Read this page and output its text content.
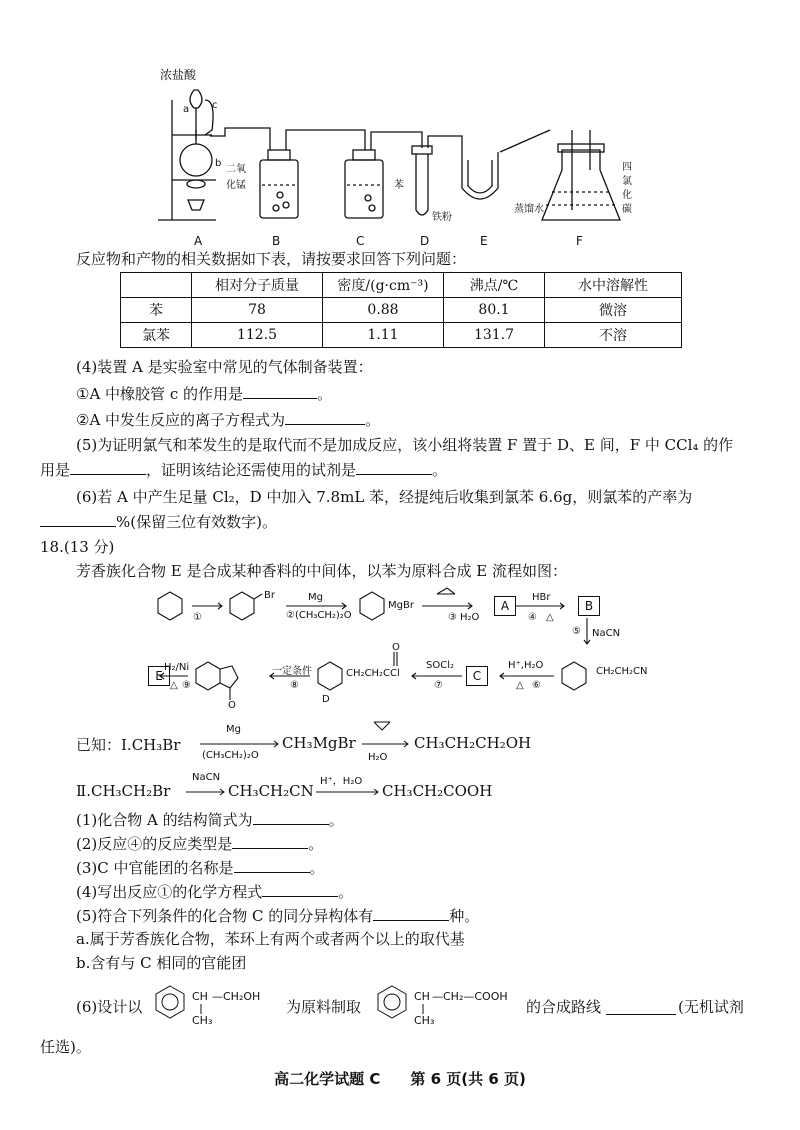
浓盐酸
a c
b
二氧
化锰	苯
铁粉
蒸馏水
四
氯
化
碳
A	B	C	D	E	F
反应物和产物的相关数据如下表，请按要求回答下列问题：
	相对分子质量	密度/(g·cm⁻³)	沸点/℃	水中溶解性
苯	78	0.88	80.1	微溶
氯苯	112.5	1.11	131.7	不溶
(4)装置 A 是实验室中常见的气体制备装置：
①A 中橡胶管 c 的作用是	。
②A 中发生反应的离子方程式为	。
(5)为证明氯气和苯发生的是取代而不是加成反应，该小组将装置 F 置于 D、E 间，F 中 CCl₄ 的作
用是	，证明该结论还需使用的试剂是	。
(6)若 A 中产生足量 Cl₂，D 中加入 7.8mL 苯，经提纯后收集到氯苯 6.6g，则氯苯的产率为
%(保留三位有效数字)。
18.(13 分)
芳香族化合物 E 是合成某种香料的中间体，以苯为原料合成 E 流程如图：
①
Br	Mg
②(CH₃CH₂)₂O
MgBr
③ H₂O
A
HBr
④ △
B
⑤ NaCN
E
H₂/Ni
△ ⑨
一定条件
⑧
O
O
CH₂CH₂CCl
D
SOCl₂
⑦
C
H⁺,H₂O
△ ⑥
CH₂CH₂CN
已知：Ⅰ.CH₃Br
Mg
(CH₃CH₂)₂O
CH₃MgBr
H₂O
CH₃CH₂CH₂OH
Ⅱ.CH₃CH₂Br
NaCN
CH₃CH₂CN
H⁺，H₂O
CH₃CH₂COOH
(1)化合物 A 的结构简式为	。
(2)反应④的反应类型是	。
(3)C 中官能团的名称是	。
(4)写出反应①的化学方程式	。
(5)符合下列条件的化合物 C 的同分异构体有	种。
a.属于芳香族化合物，苯环上有两个或者两个以上的取代基
b.含有与 C 相同的官能团
(6)设计以
CH —CH₂OH
CH₃
为原料制取
CH —CH₂—COOH
CH₃
的合成路线	(无机试剂
任选)。
高二化学试题 C　　第 6 页(共 6 页)
